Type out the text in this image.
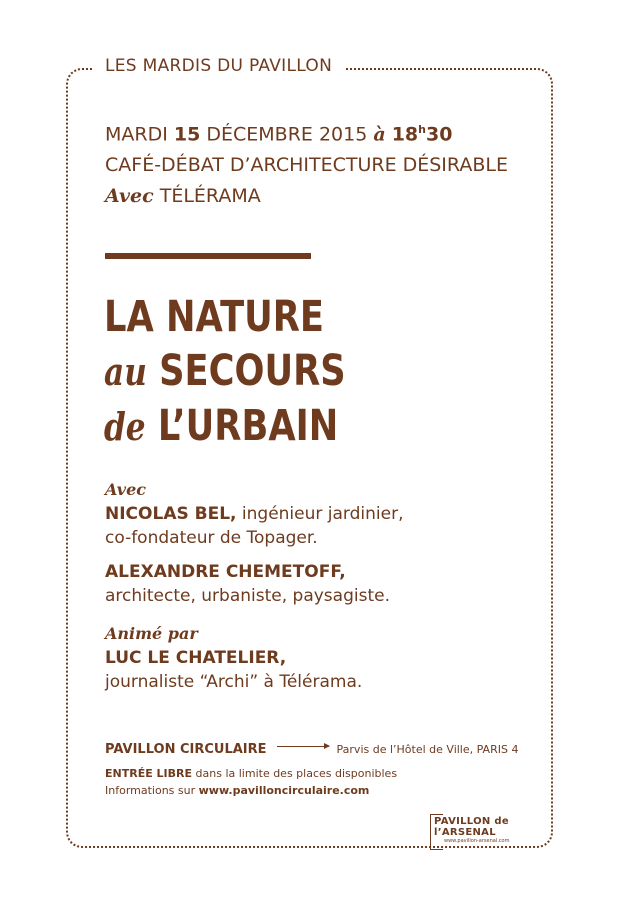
LES MARDIS DU PAVILLON
MARDI 15 DÉCEMBRE 2015 à 18$^h$30
CAFÉ-DÉBAT D’ARCHITECTURE DÉSIRABLE
Avec TÉLÉRAMA
LA NATURE
au SECOURS
de L’URBAIN
Avec
NICOLAS BEL, ingénieur jardinier,
co-fondateur de Topager.
ALEXANDRE CHEMETOFF,
architecte, urbaniste, paysagiste.
Animé par
LUC LE CHATELIER,
journaliste “Archi” à Télérama.
PAVILLON CIRCULAIRE	Parvis de l’Hôtel de Ville, PARIS 4
ENTRÉE LIBRE dans la limite des places disponibles
Informations sur www.pavilloncirculaire.com
PAVILLON de
l’ARSENAL
www.pavillon-arsenal.com
